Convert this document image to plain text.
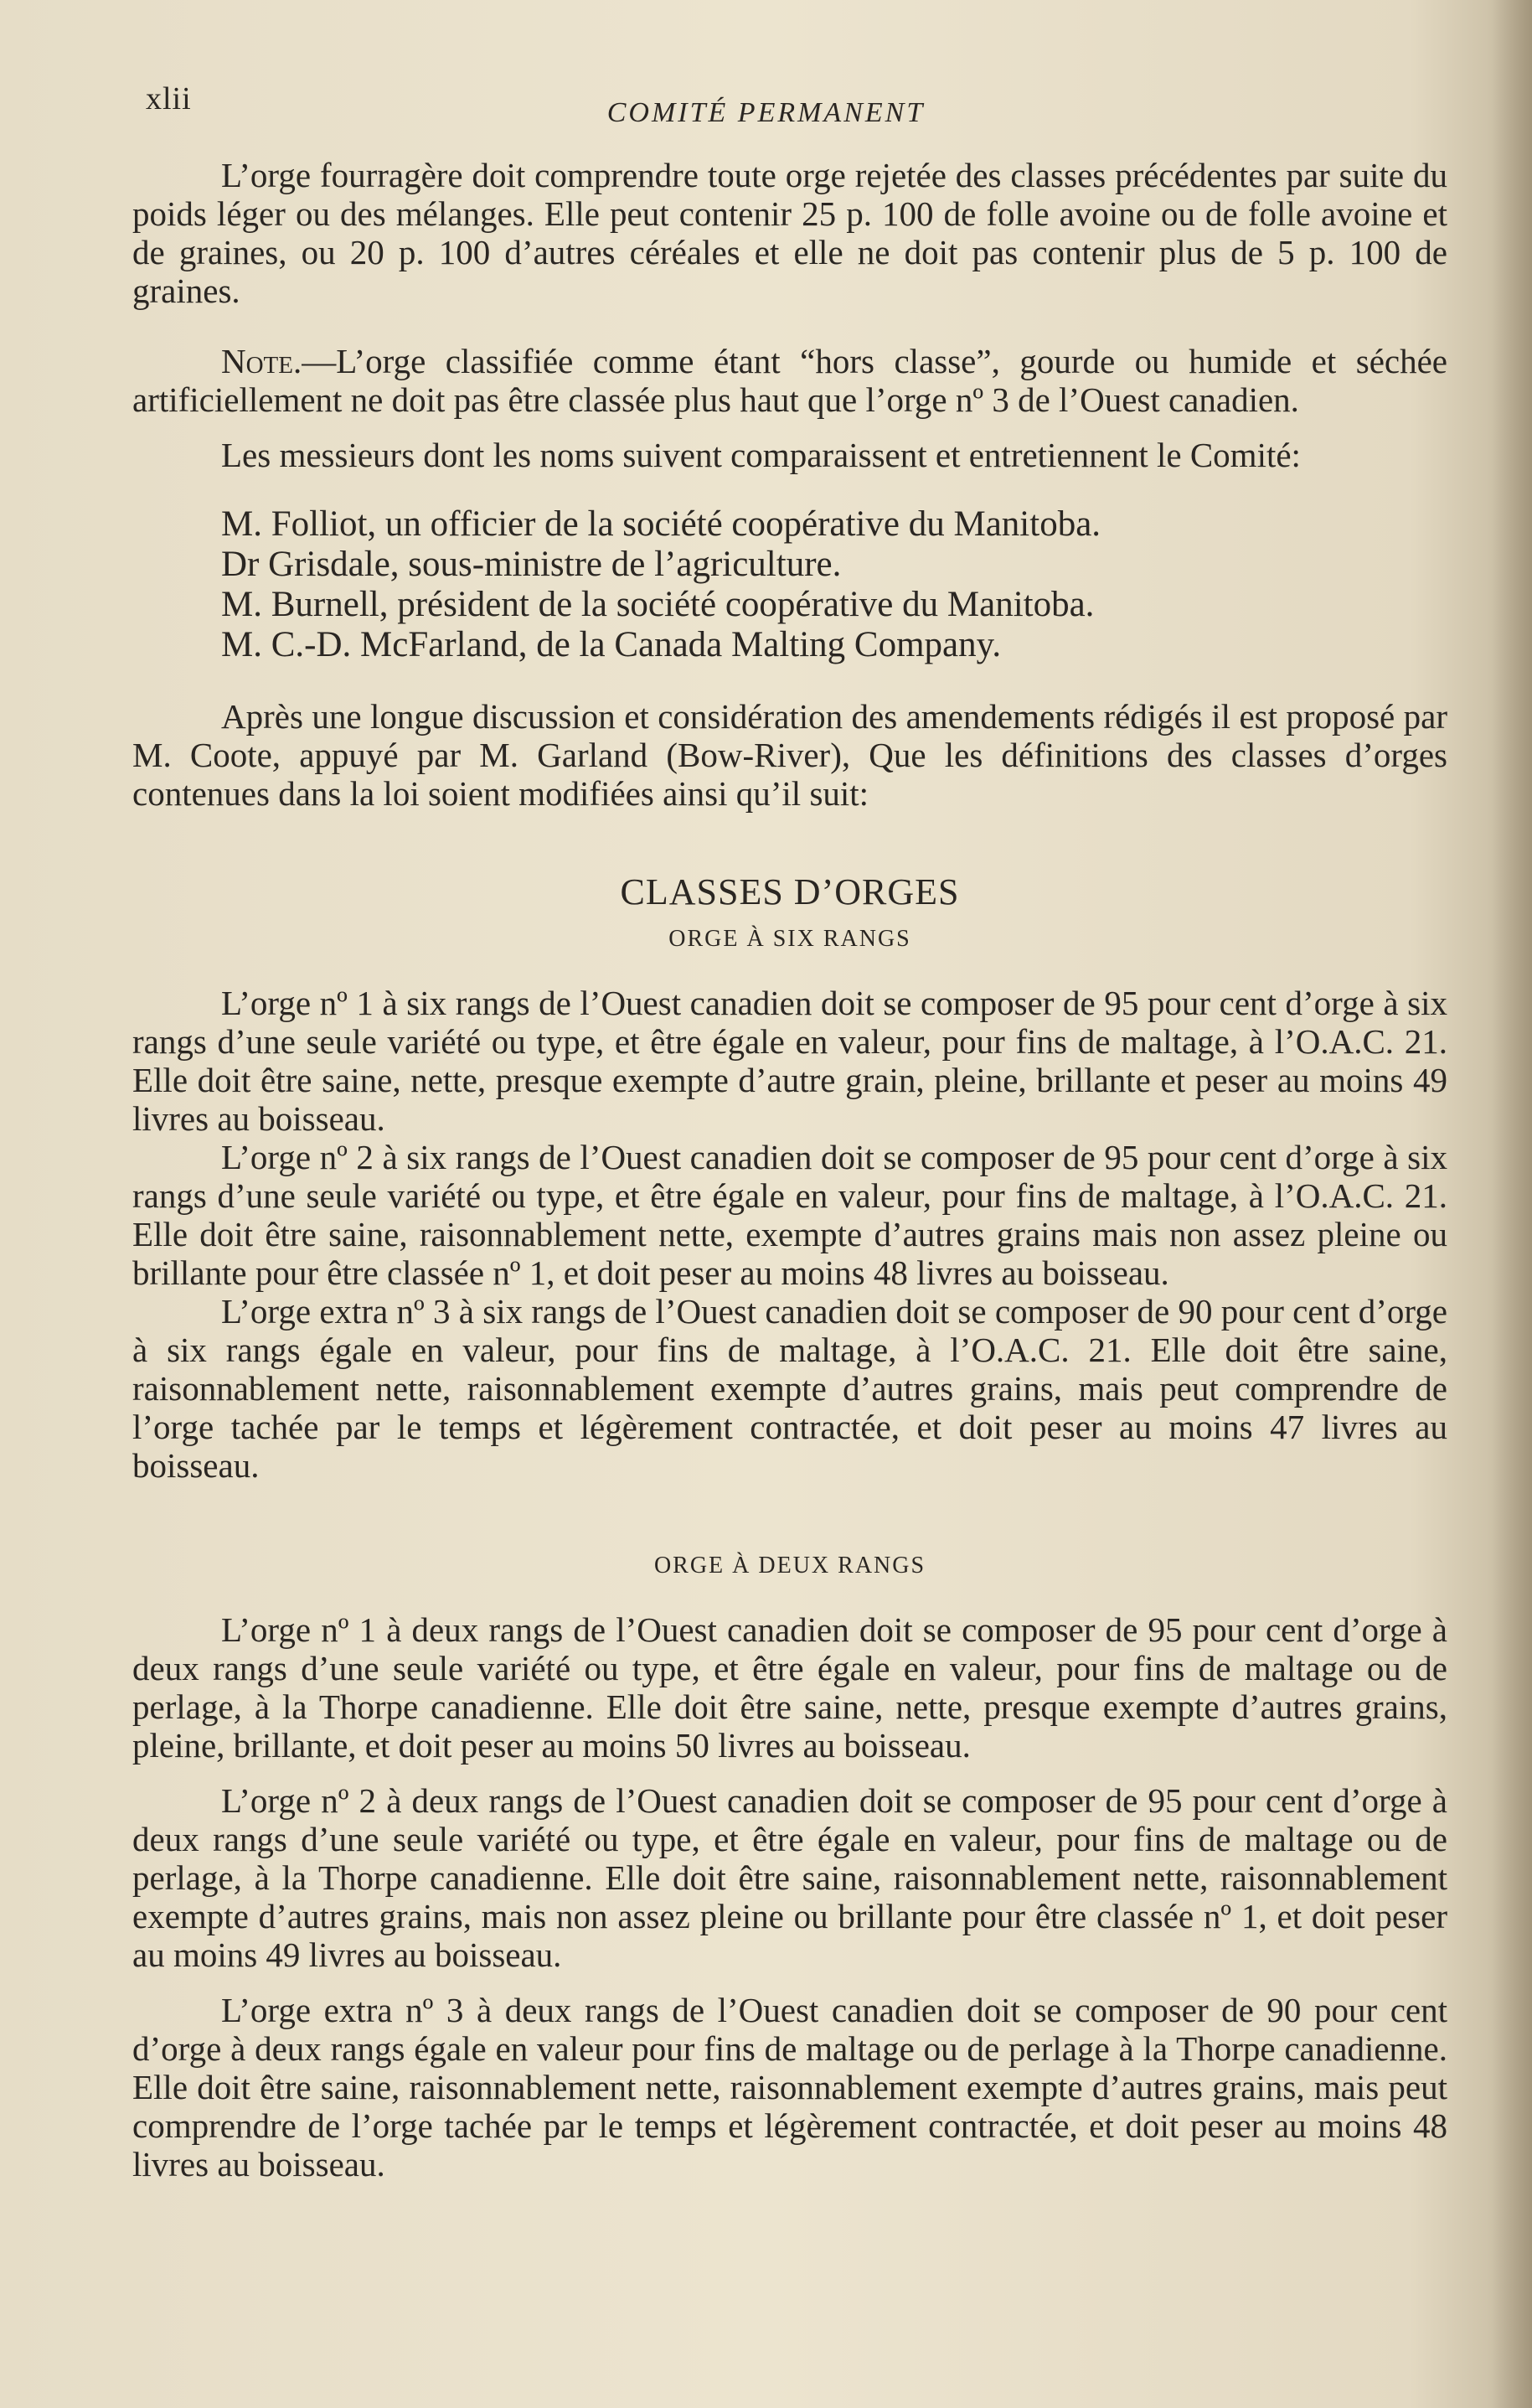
xlii	COMITÉ PERMANENT

L’orge fourragère doit comprendre toute orge rejetée des classes précédentes par suite du poids léger ou des mélanges. Elle peut contenir 25 p. 100 de folle avoine ou de folle avoine et de graines, ou 20 p. 100 d’autres céréales et elle ne doit pas contenir plus de 5 p. 100 de graines.

Note.—L’orge classifiée comme étant “hors classe”, gourde ou humide et séchée artificiellement ne doit pas être classée plus haut que l’orge nº 3 de l’Ouest canadien.

Les messieurs dont les noms suivent comparaissent et entretiennent le Comité:

M. Folliot, un officier de la société coopérative du Manitoba.
Dr Grisdale, sous-ministre de l’agriculture.
M. Burnell, président de la société coopérative du Manitoba.
M. C.-D. McFarland, de la Canada Malting Company.

Après une longue discussion et considération des amendements rédigés il est proposé par M. Coote, appuyé par M. Garland (Bow-River), Que les définitions des classes d’orges contenues dans la loi soient modifiées ainsi qu’il suit:

CLASSES D’ORGES

ORGE À SIX RANGS

L’orge nº 1 à six rangs de l’Ouest canadien doit se composer de 95 pour cent d’orge à six rangs d’une seule variété ou type, et être égale en valeur, pour fins de maltage, à l’O.A.C. 21. Elle doit être saine, nette, presque exempte d’autre grain, pleine, brillante et peser au moins 49 livres au boisseau.

L’orge nº 2 à six rangs de l’Ouest canadien doit se composer de 95 pour cent d’orge à six rangs d’une seule variété ou type, et être égale en valeur, pour fins de maltage, à l’O.A.C. 21. Elle doit être saine, raisonnablement nette, exempte d’autres grains mais non assez pleine ou brillante pour être classée nº 1, et doit peser au moins 48 livres au boisseau.

L’orge extra nº 3 à six rangs de l’Ouest canadien doit se composer de 90 pour cent d’orge à six rangs égale en valeur, pour fins de maltage, à l’O.A.C. 21. Elle doit être saine, raisonnablement nette, raisonnablement exempte d’autres grains, mais peut comprendre de l’orge tachée par le temps et légèrement contractée, et doit peser au moins 47 livres au boisseau.

ORGE À DEUX RANGS

L’orge nº 1 à deux rangs de l’Ouest canadien doit se composer de 95 pour cent d’orge à deux rangs d’une seule variété ou type, et être égale en valeur, pour fins de maltage ou de perlage, à la Thorpe canadienne. Elle doit être saine, nette, presque exempte d’autres grains, pleine, brillante, et doit peser au moins 50 livres au boisseau.

L’orge nº 2 à deux rangs de l’Ouest canadien doit se composer de 95 pour cent d’orge à deux rangs d’une seule variété ou type, et être égale en valeur, pour fins de maltage ou de perlage, à la Thorpe canadienne. Elle doit être saine, raisonnablement nette, raisonnablement exempte d’autres grains, mais non assez pleine ou brillante pour être classée nº 1, et doit peser au moins 49 livres au boisseau.

L’orge extra nº 3 à deux rangs de l’Ouest canadien doit se composer de 90 pour cent d’orge à deux rangs égale en valeur pour fins de maltage ou de perlage à la Thorpe canadienne. Elle doit être saine, raisonnablement nette, raisonnablement exempte d’autres grains, mais peut comprendre de l’orge tachée par le temps et légèrement contractée, et doit peser au moins 48 livres au boisseau.
